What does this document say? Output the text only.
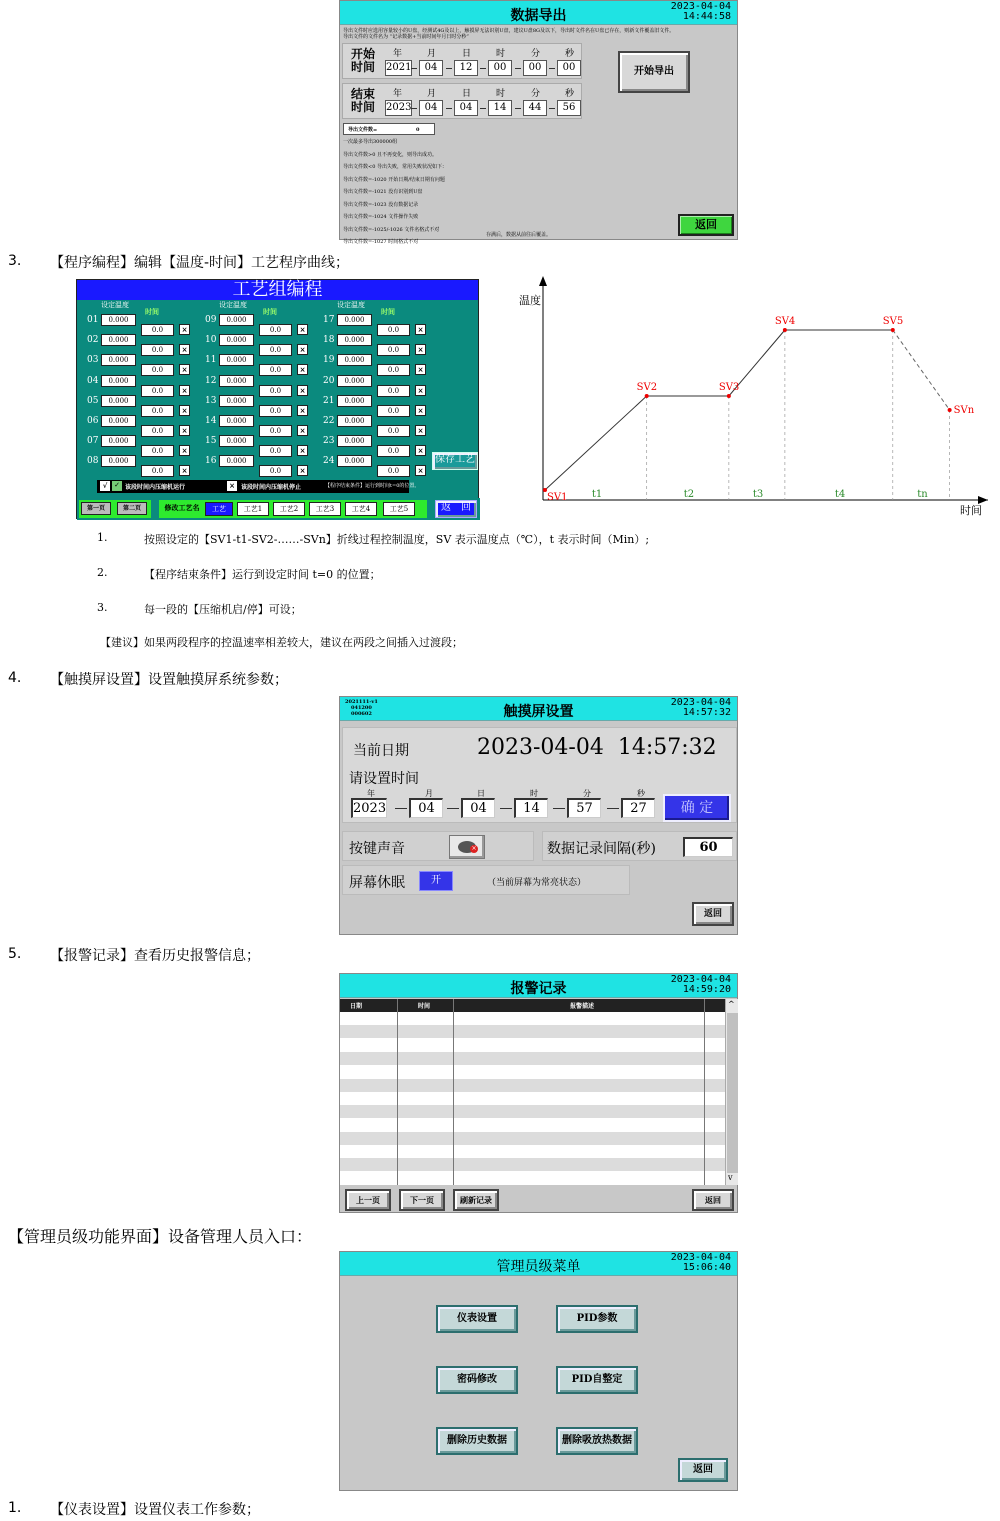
数据导出
2023-04-04
14:44:58
导出文件时应选用容量较小的U盘，经测试4G及以上，触摸屏无法识别U盘，建议U盘8G及以下，导出时文件名在U盘已存在，则新文件覆盖旧文件。
导出文件的文件名为 “记录数据+当前时间年月日时分秒”
开始
时间
年	月	日	时	分	秒
2021	04	12	00	00	00
结束
时间
年	月	日	时	分	秒
2023	04	04	14	44	56
开始导出
导出文件数=	0
一次最多导出300000组
导出文件数>0 且不再变化，则导出成功。
导出文件数<0 导出失败，常用失败状况如下：
导出文件数=-1020 开始日期/结束日期有问题
导出文件数=-1021 没有识别到U盘
导出文件数=-1023 没有数据记录
导出文件数=-1024 文件操作失败
导出文件数=-1025/-1026 文件名格式不对
导出文件数=-1027 时间格式不对
存满后，数据从前往后覆盖。
返回
3. 【程序编程】编辑【温度-时间】工艺程序曲线；
工艺组编程
设定温度
时间
01	0.000
0.0	×
02	0.000
0.0	×
03	0.000
0.0	×
04	0.000
0.0	×
05	0.000
0.0	×
06	0.000
0.0	×
07	0.000
0.0	×
08	0.000
0.0	×
设定温度
时间
09	0.000
0.0	×
10	0.000
0.0	×
11	0.000
0.0	×
12	0.000
0.0	×
13	0.000
0.0	×
14	0.000
0.0	×
15	0.000
0.0	×
16	0.000
0.0	×
设定温度
时间
17	0.000
0.0	×
18	0.000
0.0	×
19	0.000
0.0	×
20	0.000
0.0	×
21	0.000
0.0	×
22	0.000
0.0	×
23	0.000
0.0	×
24	0.000
0.0	×
保存工艺
√ ✓ 该段时间内压缩机运行	×	该段时间内压缩机停止	【程序结束条件】运行到时间t=0的位置。
第一页	第二页	修改工艺名	工艺	工艺1	工艺2	工艺3	工艺4	工艺5	返　回
温度
时间
t1	t2	t3	t4	tn
SV1
SV2	SV3
SV4	SV5
SVn
1.	按照设定的【SV1-t1-SV2-……-SVn】折线过程控制温度，SV 表示温度点（℃），t 表示时间（Min）;
2.	【程序结束条件】运行到设定时间 t=0 的位置；
3.	每一段的【压缩机启/停】可设；
【建议】如果两段程序的控温速率相差较大，建议在两段之间插入过渡段；
4. 【触摸屏设置】设置触摸屏系统参数；
2021111-v1
041200
000602	触摸屏设置
2023-04-04
14:57:32
当前日期	2023-04-04  14:57:32
请设置时间
年
2023
月
04
日
04
时
14
分
57
秒
27	确 定
按键声音	×	数据记录间隔(秒)	60
屏幕休眠	开	（当前屏幕为常亮状态）
返回
5. 【报警记录】查看历史报警信息；
报警记录
2023-04-04
14:59:20
日期	时间	报警描述	^
v
上一页	下一页	刷新记录	返回
【管理员级功能界面】设备管理人员入口：
管理员级菜单
2023-04-04
15:06:40
仪表设置	PID参数
密码修改	PID自整定
删除历史数据	删除吸放热数据
返回
1. 【仪表设置】设置仪表工作参数；
